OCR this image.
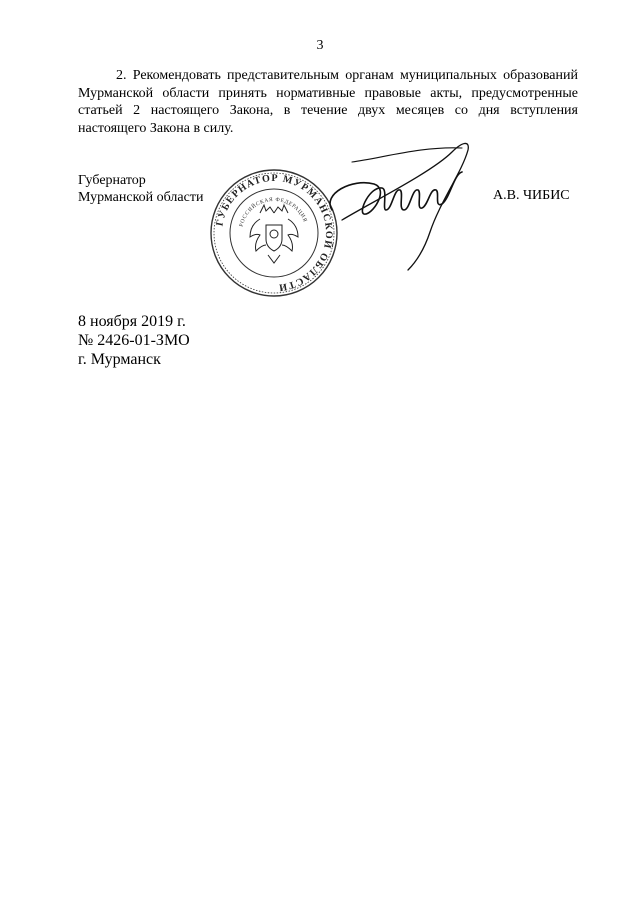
3
2. Рекомендовать представительным органам муниципальных образований Мурманской области принять нормативные правовые акты, предусмотренные статьей 2 настоящего Закона, в течение двух месяцев со дня вступления настоящего Закона в силу.
Губернатор
Мурманской области
ГУБЕРНАТОР МУРМАНСКОЙ ОБЛАСТИ
РОССИЙСКАЯ ФЕДЕРАЦИЯ
А.В. ЧИБИС
8 ноября 2019 г.
№ 2426-01-ЗМО
г. Мурманск
